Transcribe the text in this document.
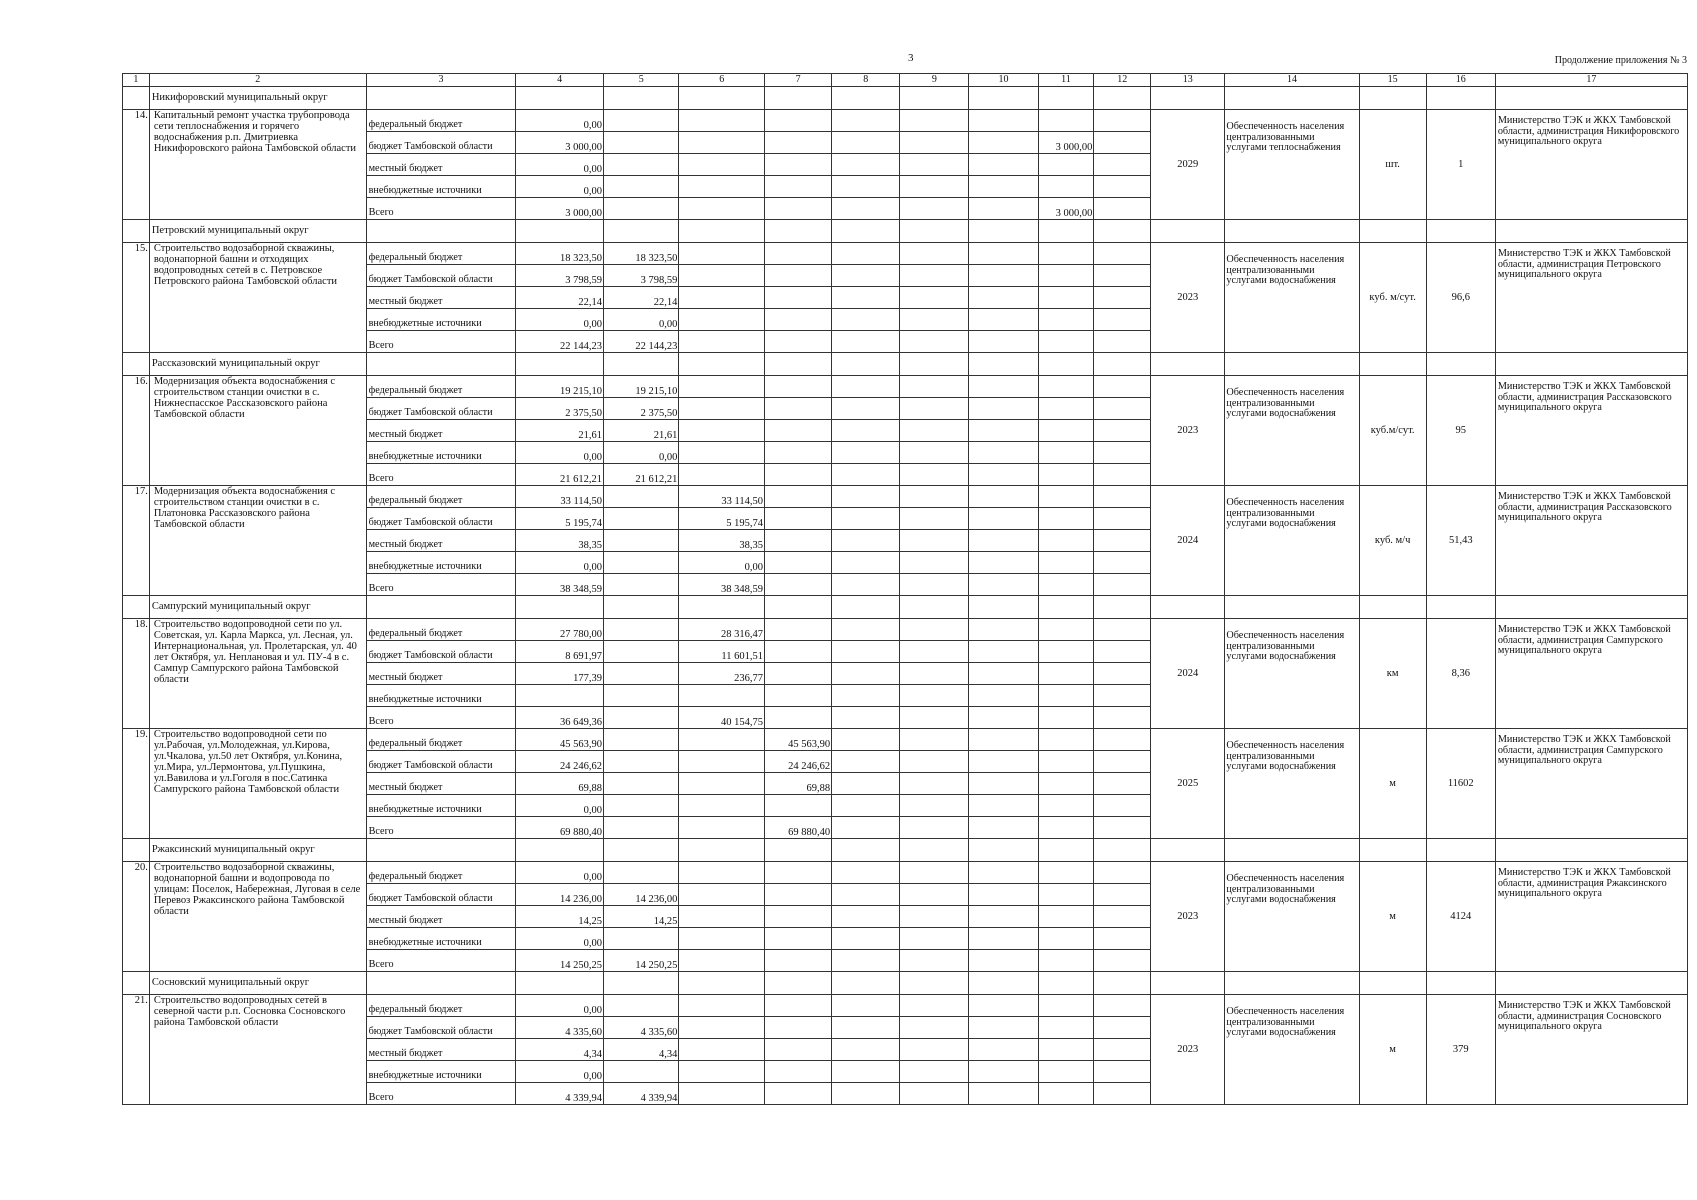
3	Продолжение приложения № 3
1	2	3	4	5	6	7	8	9	10	11	12	13	14	15	16	17
	Никифоровский муниципальный округ															
14.	Капитальный ремонт участка трубопровода сети теплоснабжения и горячего водоснабжения р.п. Дмитриевка Никифоровского района Тамбовской области	федеральный бюджет	0,00									2029	Обеспеченность населения централизованными услугами теплоснабжения	шт.	1	Министерство ТЭК и ЖКХ Тамбовской области, администрация Никифоровского муниципального округа
		бюджет Тамбовской области	3 000,00							3 000,00						
		местный бюджет	0,00													
		внебюджетные источники	0,00													
		Всего	3 000,00							3 000,00						
	Петровский муниципальный округ															
15.	Строительство водозаборной скважины, водонапорной башни и отходящих водопроводных сетей в с. Петровское Петровского района Тамбовской области	федеральный бюджет	18 323,50	18 323,50								2023	Обеспеченность населения централизованными услугами водоснабжения	куб. м/сут.	96,6	Министерство ТЭК и ЖКХ Тамбовской области, администрация Петровского муниципального округа
		бюджет Тамбовской области	3 798,59	3 798,59												
		местный бюджет	22,14	22,14												
		внебюджетные источники	0,00	0,00												
		Всего	22 144,23	22 144,23												
	Рассказовский муниципальный округ															
16.	Модернизация объекта водоснабжения с строительством станции очистки в с. Нижнеспасское Рассказовского района Тамбовской области	федеральный бюджет	19 215,10	19 215,10								2023	Обеспеченность населения централизованными услугами водоснабжения	куб.м/сут.	95	Министерство ТЭК и ЖКХ Тамбовской области, администрация Рассказовского муниципального округа
		бюджет Тамбовской области	2 375,50	2 375,50												
		местный бюджет	21,61	21,61												
		внебюджетные источники	0,00	0,00												
		Всего	21 612,21	21 612,21												
17.	Модернизация объекта водоснабжения с строительством станции очистки в с. Платоновка Рассказовского района Тамбовской области	федеральный бюджет	33 114,50		33 114,50							2024	Обеспеченность населения централизованными услугами водоснабжения	куб. м/ч	51,43	Министерство ТЭК и ЖКХ Тамбовской области, администрация Рассказовского муниципального округа
		бюджет Тамбовской области	5 195,74		5 195,74											
		местный бюджет	38,35		38,35											
		внебюджетные источники	0,00		0,00											
		Всего	38 348,59		38 348,59											
	Сампурский муниципальный округ															
18.	Строительство водопроводной сети по ул. Советская, ул. Карла Маркса, ул. Лесная, ул. Интернациональная, ул. Пролетарская, ул. 40 лет Октября, ул. Неплановая и ул. ПУ-4 в с. Сампур Сампурского района Тамбовской области	федеральный бюджет	27 780,00		28 316,47							2024	Обеспеченность населения централизованными услугами водоснабжения	км	8,36	Министерство ТЭК и ЖКХ Тамбовской области, администрация Сампурского муниципального округа
		бюджет Тамбовской области	8 691,97		11 601,51											
		местный бюджет	177,39		236,77											
		внебюджетные источники														
		Всего	36 649,36		40 154,75											
19.	Строительство водопроводной сети по ул.Рабочая, ул.Молодежная, ул.Кирова, ул.Чкалова, ул.50 лет Октября, ул.Конина, ул.Мира, ул.Лермонтова, ул.Пушкина, ул.Вавилова и ул.Гоголя в пос.Сатинка Сампурского района Тамбовской области	федеральный бюджет	45 563,90			45 563,90						2025	Обеспеченность населения централизованными услугами водоснабжения	м	11602	Министерство ТЭК и ЖКХ Тамбовской области, администрация Сампурского муниципального округа
		бюджет Тамбовской области	24 246,62			24 246,62										
		местный бюджет	69,88			69,88										
		внебюджетные источники	0,00													
		Всего	69 880,40			69 880,40										
	Ржаксинский муниципальный округ															
20.	Строительство водозаборной скважины, водонапорной башни и водопровода по улицам: Поселок, Набережная, Луговая в селе Перевоз Ржаксинского района Тамбовской области	федеральный бюджет	0,00									2023	Обеспеченность населения централизованными услугами водоснабжения	м	4124	Министерство ТЭК и ЖКХ Тамбовской области, администрация Ржаксинского муниципального округа
		бюджет Тамбовской области	14 236,00	14 236,00												
		местный бюджет	14,25	14,25												
		внебюджетные источники	0,00													
		Всего	14 250,25	14 250,25												
	Сосновский муниципальный округ															
21.	Строительство водопроводных сетей в северной части р.п. Сосновка Сосновского района Тамбовской области	федеральный бюджет	0,00									2023	Обеспеченность населения централизованными услугами водоснабжения	м	379	Министерство ТЭК и ЖКХ Тамбовской области, администрация Сосновского муниципального округа
		бюджет Тамбовской области	4 335,60	4 335,60												
		местный бюджет	4,34	4,34												
		внебюджетные источники	0,00													
		Всего	4 339,94	4 339,94												
